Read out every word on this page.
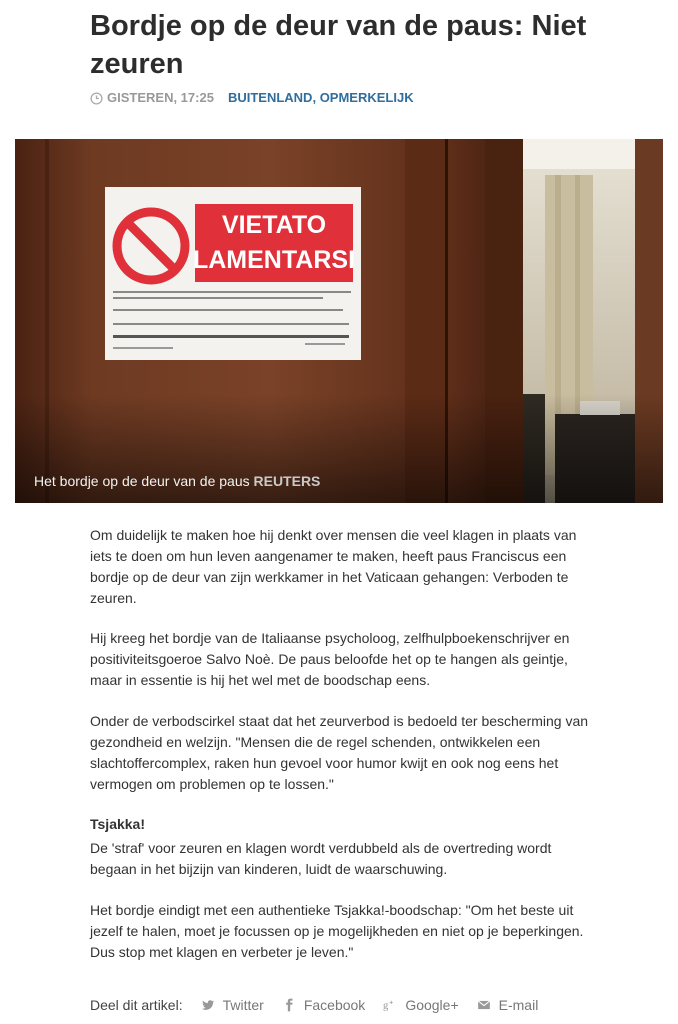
Bordje op de deur van de paus: Niet zeuren
GISTEREN, 17:25 BUITENLAND ,
OPMERKELIJK
Het bordje op de deur van de paus REUTERS

Om duidelijk te maken hoe hij denkt over mensen die veel klagen in plaats van iets te doen om hun leven aangenamer te maken, heeft paus Franciscus een bordje op de deur van zijn werkkamer in het Vaticaan gehangen: Verboden te zeuren.

Hij kreeg het bordje van de Italiaanse psycholoog, zelfhulpboekenschrijver en positiviteitsgoeroe Salvo Noè. De paus beloofde het op te hangen als geintje, maar in essentie is hij het wel met de boodschap eens.

Onder de verbodscirkel staat dat het zeurverbod is bedoeld ter bescherming van gezondheid en welzijn. "Mensen die de regel schenden, ontwikkelen een slachtoffercomplex, raken hun gevoel voor humor kwijt en ook nog eens het vermogen om problemen op te lossen."

Tsjakka!

De 'straf' voor zeuren en klagen wordt verdubbeld als de overtreding wordt begaan in het bijzijn van kinderen, luidt de waarschuwing.

Het bordje eindigt met een authentieke Tsjakka!-boodschap: "Om het beste uit jezelf te halen, moet je focussen op je mogelijkheden en niet op je beperkingen. Dus stop met klagen en verbeter je leven."

Deel dit artikel:	Twitter	Facebook g + Google+	E-mail
